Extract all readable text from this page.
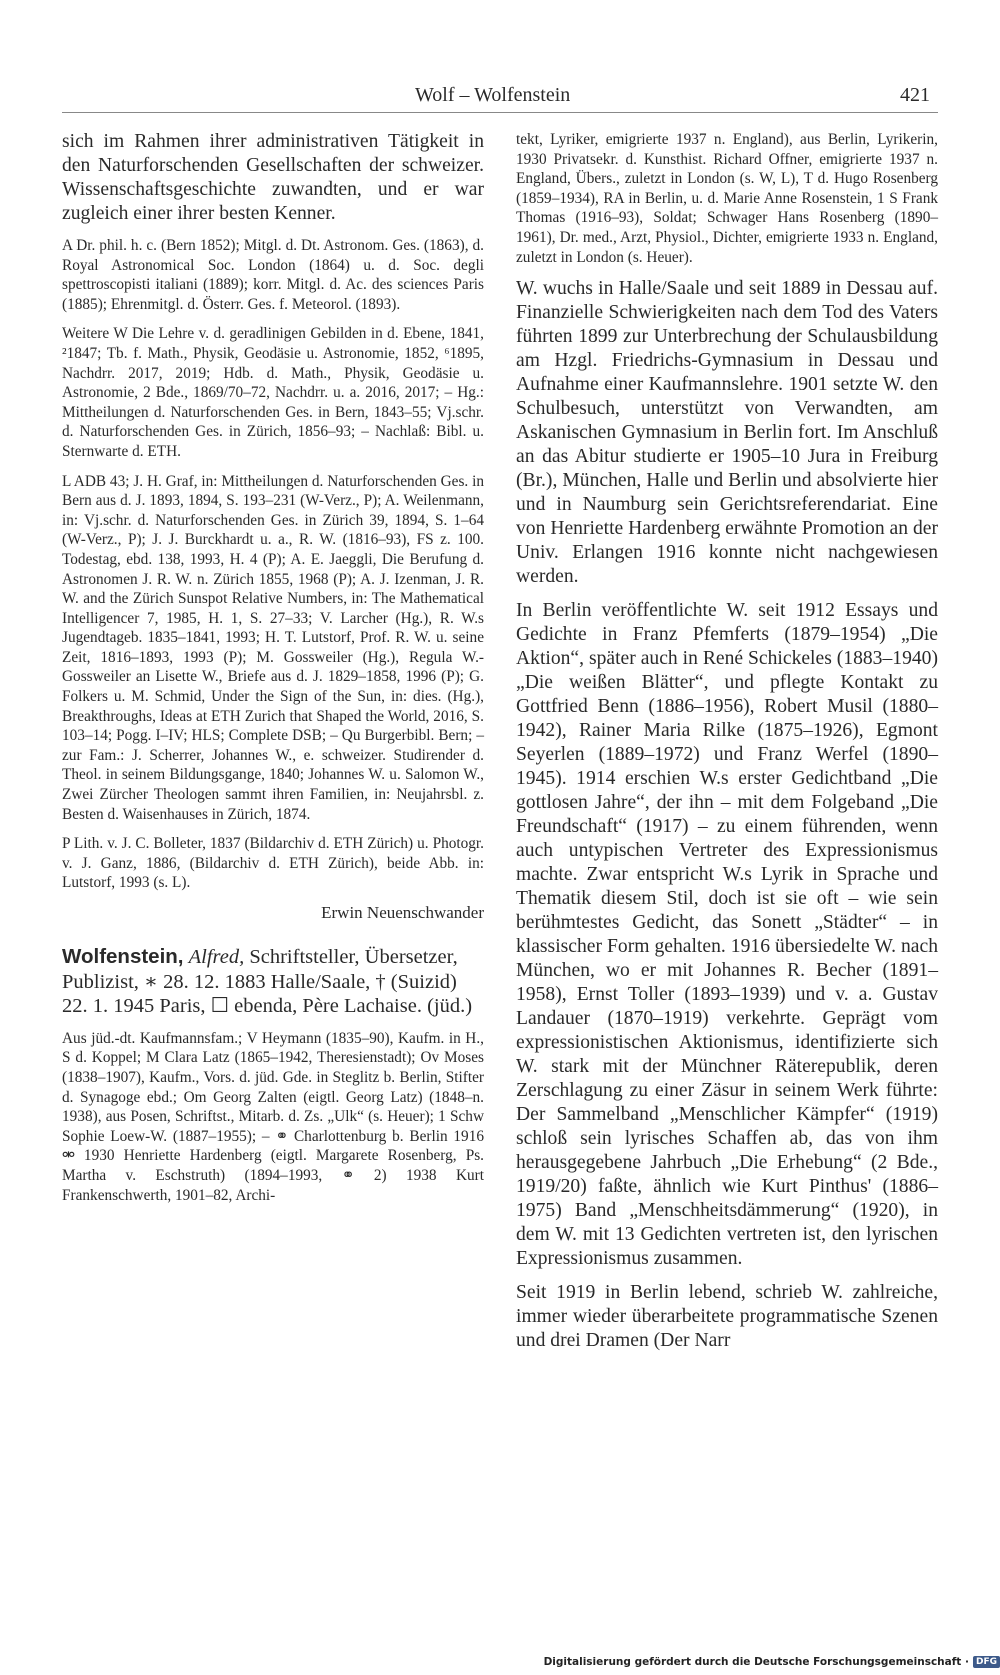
Wolf – Wolfenstein	421

sich im Rahmen ihrer administrativen Tätigkeit in den Naturforschenden Gesellschaften der schweizer. Wissenschaftsgeschichte zuwandten, und er war zugleich einer ihrer besten Kenner.

A Dr. phil. h. c. (Bern 1852); Mitgl. d. Dt. Astronom. Ges. (1863), d. Royal Astronomical Soc. London (1864) u. d. Soc. degli spettroscopisti italiani (1889); korr. Mitgl. d. Ac. des sciences Paris (1885); Ehrenmitgl. d. Österr. Ges. f. Meteorol. (1893).

Weitere W Die Lehre v. d. geradlinigen Gebilden in d. Ebene, 1841, ²1847; Tb. f. Math., Physik, Geodäsie u. Astronomie, 1852, ⁶1895, Nachdrr. 2017, 2019; Hdb. d. Math., Physik, Geodäsie u. Astronomie, 2 Bde., 1869/70–72, Nachdrr. u. a. 2016, 2017; – Hg.: Mittheilungen d. Naturforschenden Ges. in Bern, 1843–55; Vj.schr. d. Naturforschenden Ges. in Zürich, 1856–93; – Nachlaß: Bibl. u. Sternwarte d. ETH.

L ADB 43; J. H. Graf, in: Mittheilungen d. Naturforschenden Ges. in Bern aus d. J. 1893, 1894, S. 193–231 (W-Verz., P); A. Weilenmann, in: Vj.schr. d. Naturforschenden Ges. in Zürich 39, 1894, S. 1–64 (W-Verz., P); J. J. Burckhardt u. a., R. W. (1816–93), FS z. 100. Todestag, ebd. 138, 1993, H. 4 (P); A. E. Jaeggli, Die Berufung d. Astronomen J. R. W. n. Zürich 1855, 1968 (P); A. J. Izenman, J. R. W. and the Zürich Sunspot Relative Numbers, in: The Mathematical Intelligencer 7, 1985, H. 1, S. 27–33; V. Larcher (Hg.), R. W.s Jugendtageb. 1835–1841, 1993; H. T. Lutstorf, Prof. R. W. u. seine Zeit, 1816–1893, 1993 (P); M. Gossweiler (Hg.), Regula W.-Gossweiler an Lisette W., Briefe aus d. J. 1829–1858, 1996 (P); G. Folkers u. M. Schmid, Under the Sign of the Sun, in: dies. (Hg.), Breakthroughs, Ideas at ETH Zurich that Shaped the World, 2016, S. 103–14; Pogg. I–IV; HLS; Complete DSB; – Qu Burgerbibl. Bern; – zur Fam.: J. Scherrer, Johannes W., e. schweizer. Studirender d. Theol. in seinem Bildungsgange, 1840; Johannes W. u. Salomon W., Zwei Zürcher Theologen sammt ihren Familien, in: Neujahrsbl. z. Besten d. Waisenhauses in Zürich, 1874.

P Lith. v. J. C. Bolleter, 1837 (Bildarchiv d. ETH Zürich) u. Photogr. v. J. Ganz, 1886, (Bildarchiv d. ETH Zürich), beide Abb. in: Lutstorf, 1993 (s. L).

Erwin Neuenschwander

Wolfenstein, Alfred, Schriftsteller, Übersetzer, Publizist, ∗ 28. 12. 1883 Halle/Saale, † (Suizid) 22. 1. 1945 Paris, ☐ ebenda, Père Lachaise. (jüd.)

Aus jüd.-dt. Kaufmannsfam.; V Heymann (1835–90), Kaufm. in H., S d. Koppel; M Clara Latz (1865–1942, Theresienstadt); Ov Moses (1838–1907), Kaufm., Vors. d. jüd. Gde. in Steglitz b. Berlin, Stifter d. Synagoge ebd.; Om Georg Zalten (eigtl. Georg Latz) (1848–n. 1938), aus Posen, Schriftst., Mitarb. d. Zs. „Ulk“ (s. Heuer); 1 Schw Sophie Loew-W. (1887–1955); – ⚭ Charlottenburg b. Berlin 1916 ⚮ 1930 Henriette Hardenberg (eigtl. Margarete Rosenberg, Ps. Martha v. Eschstruth) (1894–1993, ⚭ 2) 1938 Kurt Frankenschwerth, 1901–82, Archi-

tekt, Lyriker, emigrierte 1937 n. England), aus Berlin, Lyrikerin, 1930 Privatsekr. d. Kunsthist. Richard Offner, emigrierte 1937 n. England, Übers., zuletzt in London (s. W, L), T d. Hugo Rosenberg (1859–1934), RA in Berlin, u. d. Marie Anne Rosenstein, 1 S Frank Thomas (1916–93), Soldat; Schwager Hans Rosenberg (1890–1961), Dr. med., Arzt, Physiol., Dichter, emigrierte 1933 n. England, zuletzt in London (s. Heuer).

W. wuchs in Halle/Saale und seit 1889 in Dessau auf. Finanzielle Schwierigkeiten nach dem Tod des Vaters führten 1899 zur Unterbrechung der Schulausbildung am Hzgl. Friedrichs-Gymnasium in Dessau und Aufnahme einer Kaufmannslehre. 1901 setzte W. den Schulbesuch, unterstützt von Verwandten, am Askanischen Gymnasium in Berlin fort. Im Anschluß an das Abitur studierte er 1905–10 Jura in Freiburg (Br.), München, Halle und Berlin und absolvierte hier und in Naumburg sein Gerichtsreferendariat. Eine von Henriette Hardenberg erwähnte Promotion an der Univ. Erlangen 1916 konnte nicht nachgewiesen werden.

In Berlin veröffentlichte W. seit 1912 Essays und Gedichte in Franz Pfemferts (1879–1954) „Die Aktion“, später auch in René Schickeles (1883–1940) „Die weißen Blätter“, und pflegte Kontakt zu Gottfried Benn (1886–1956), Robert Musil (1880–1942), Rainer Maria Rilke (1875–1926), Egmont Seyerlen (1889–1972) und Franz Werfel (1890–1945). 1914 erschien W.s erster Gedichtband „Die gottlosen Jahre“, der ihn – mit dem Folgeband „Die Freundschaft“ (1917) – zu einem führenden, wenn auch untypischen Vertreter des Expressionismus machte. Zwar entspricht W.s Lyrik in Sprache und Thematik diesem Stil, doch ist sie oft – wie sein berühmtestes Gedicht, das Sonett „Städter“ – in klassischer Form gehalten. 1916 übersiedelte W. nach München, wo er mit Johannes R. Becher (1891–1958), Ernst Toller (1893–1939) und v. a. Gustav Landauer (1870–1919) verkehrte. Geprägt vom expressionistischen Aktionismus, identifizierte sich W. stark mit der Münchner Räterepublik, deren Zerschlagung zu einer Zäsur in seinem Werk führte: Der Sammelband „Menschlicher Kämpfer“ (1919) schloß sein lyrisches Schaffen ab, das von ihm herausgegebene Jahrbuch „Die Erhebung“ (2 Bde., 1919/20) faßte, ähnlich wie Kurt Pinthus' (1886–1975) Band „Menschheitsdämmerung“ (1920), in dem W. mit 13 Gedichten vertreten ist, den lyrischen Expressionismus zusammen.

Seit 1919 in Berlin lebend, schrieb W. zahlreiche, immer wieder überarbeitete programmatische Szenen und drei Dramen (Der Narr

Digitalisierung gefördert durch die Deutsche Forschungsgemeinschaft · DFG
